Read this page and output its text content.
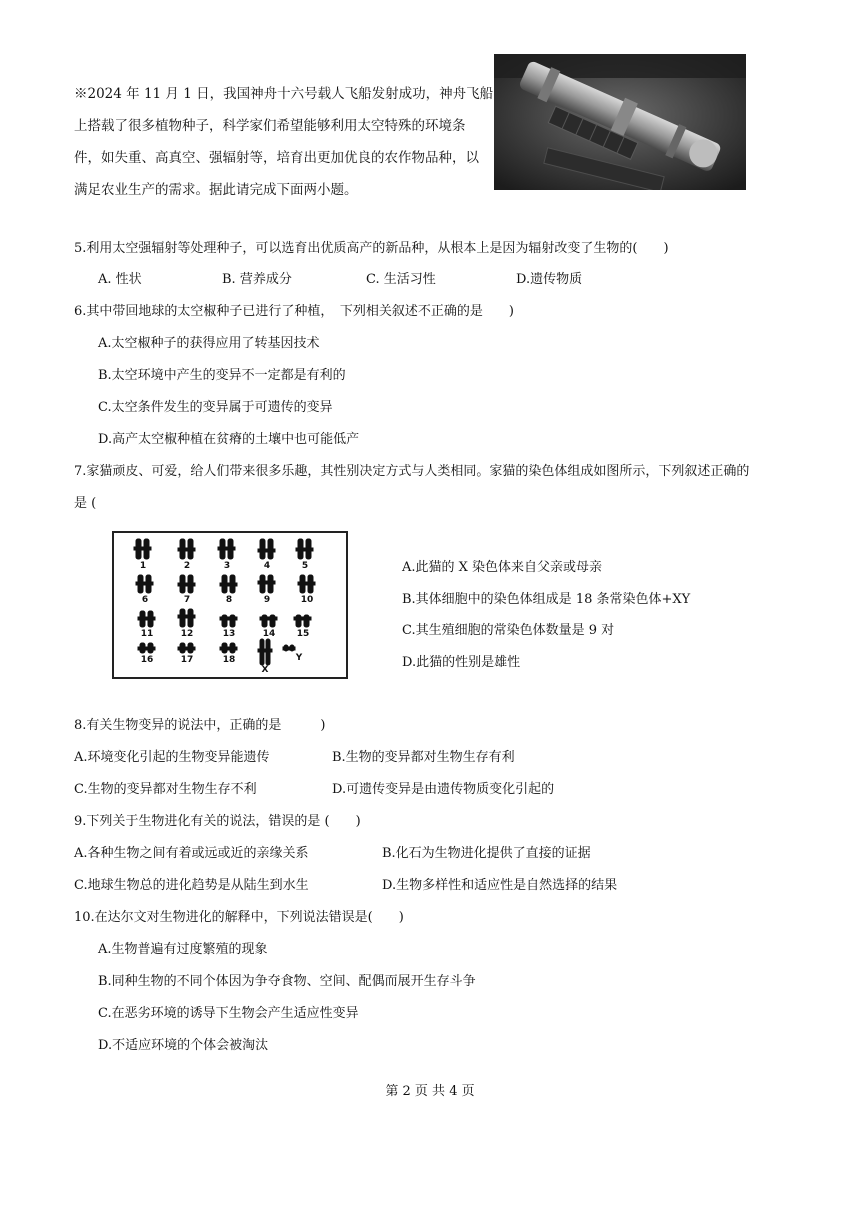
※2024 年 11 月 1 日，我国神舟十六号载人飞船发射成功，神舟飞船

上搭载了很多植物种子，科学家们希望能够利用太空特殊的环境条

件，如失重、高真空、强辐射等，培育出更加优良的农作物品种，以

满足农业生产的需求。据此请完成下面两小题。

5.利用太空强辐射等处理种子，可以选育出优质高产的新品种，从根本上是因为辐射改变了生物的(　　)
A. 性状	B. 营养成分	C. 生活习性	D.遗传物质
6.其中带回地球的太空椒种子已进行了种植，　下列相关叙述不正确的是　　)
A.太空椒种子的获得应用了转基因技术
B.太空环境中产生的变异不一定都是有利的
C.太空条件发生的变异属于可遗传的变异
D.高产太空椒种植在贫瘠的土壤中也可能低产
7.家猫顽皮、可爱，给人们带来很多乐趣，其性别决定方式与人类相同。家猫的染色体组成如图所示，下列叙述正确的
是 (
1	2	3	4	5
6	7	8	9	10
11	12	13	14	15
16	17	18
X
Y
A.此猫的 X 染色体来自父亲或母亲
B.其体细胞中的染色体组成是 18 条常染色体+XY
C.其生殖细胞的常染色体数量是 9 对
D.此猫的性别是雄性
8.有关生物变异的说法中，正确的是　　　)
A.环境变化引起的生物变异能遗传	B.生物的变异都对生物生存有利
C.生物的变异都对生物生存不利	D.可遗传变异是由遗传物质变化引起的
9.下列关于生物进化有关的说法，错误的是 (　　)
A.各种生物之间有着或远或近的亲缘关系	B.化石为生物进化提供了直接的证据
C.地球生物总的进化趋势是从陆生到水生	D.生物多样性和适应性是自然选择的结果
10.在达尔文对生物进化的解释中，下列说法错误是(　　)
A.生物普遍有过度繁殖的现象
B.同种生物的不同个体因为争夺食物、空间、配偶而展开生存斗争
C.在恶劣环境的诱导下生物会产生适应性变异
D.不适应环境的个体会被淘汰
第 2 页 共 4 页
